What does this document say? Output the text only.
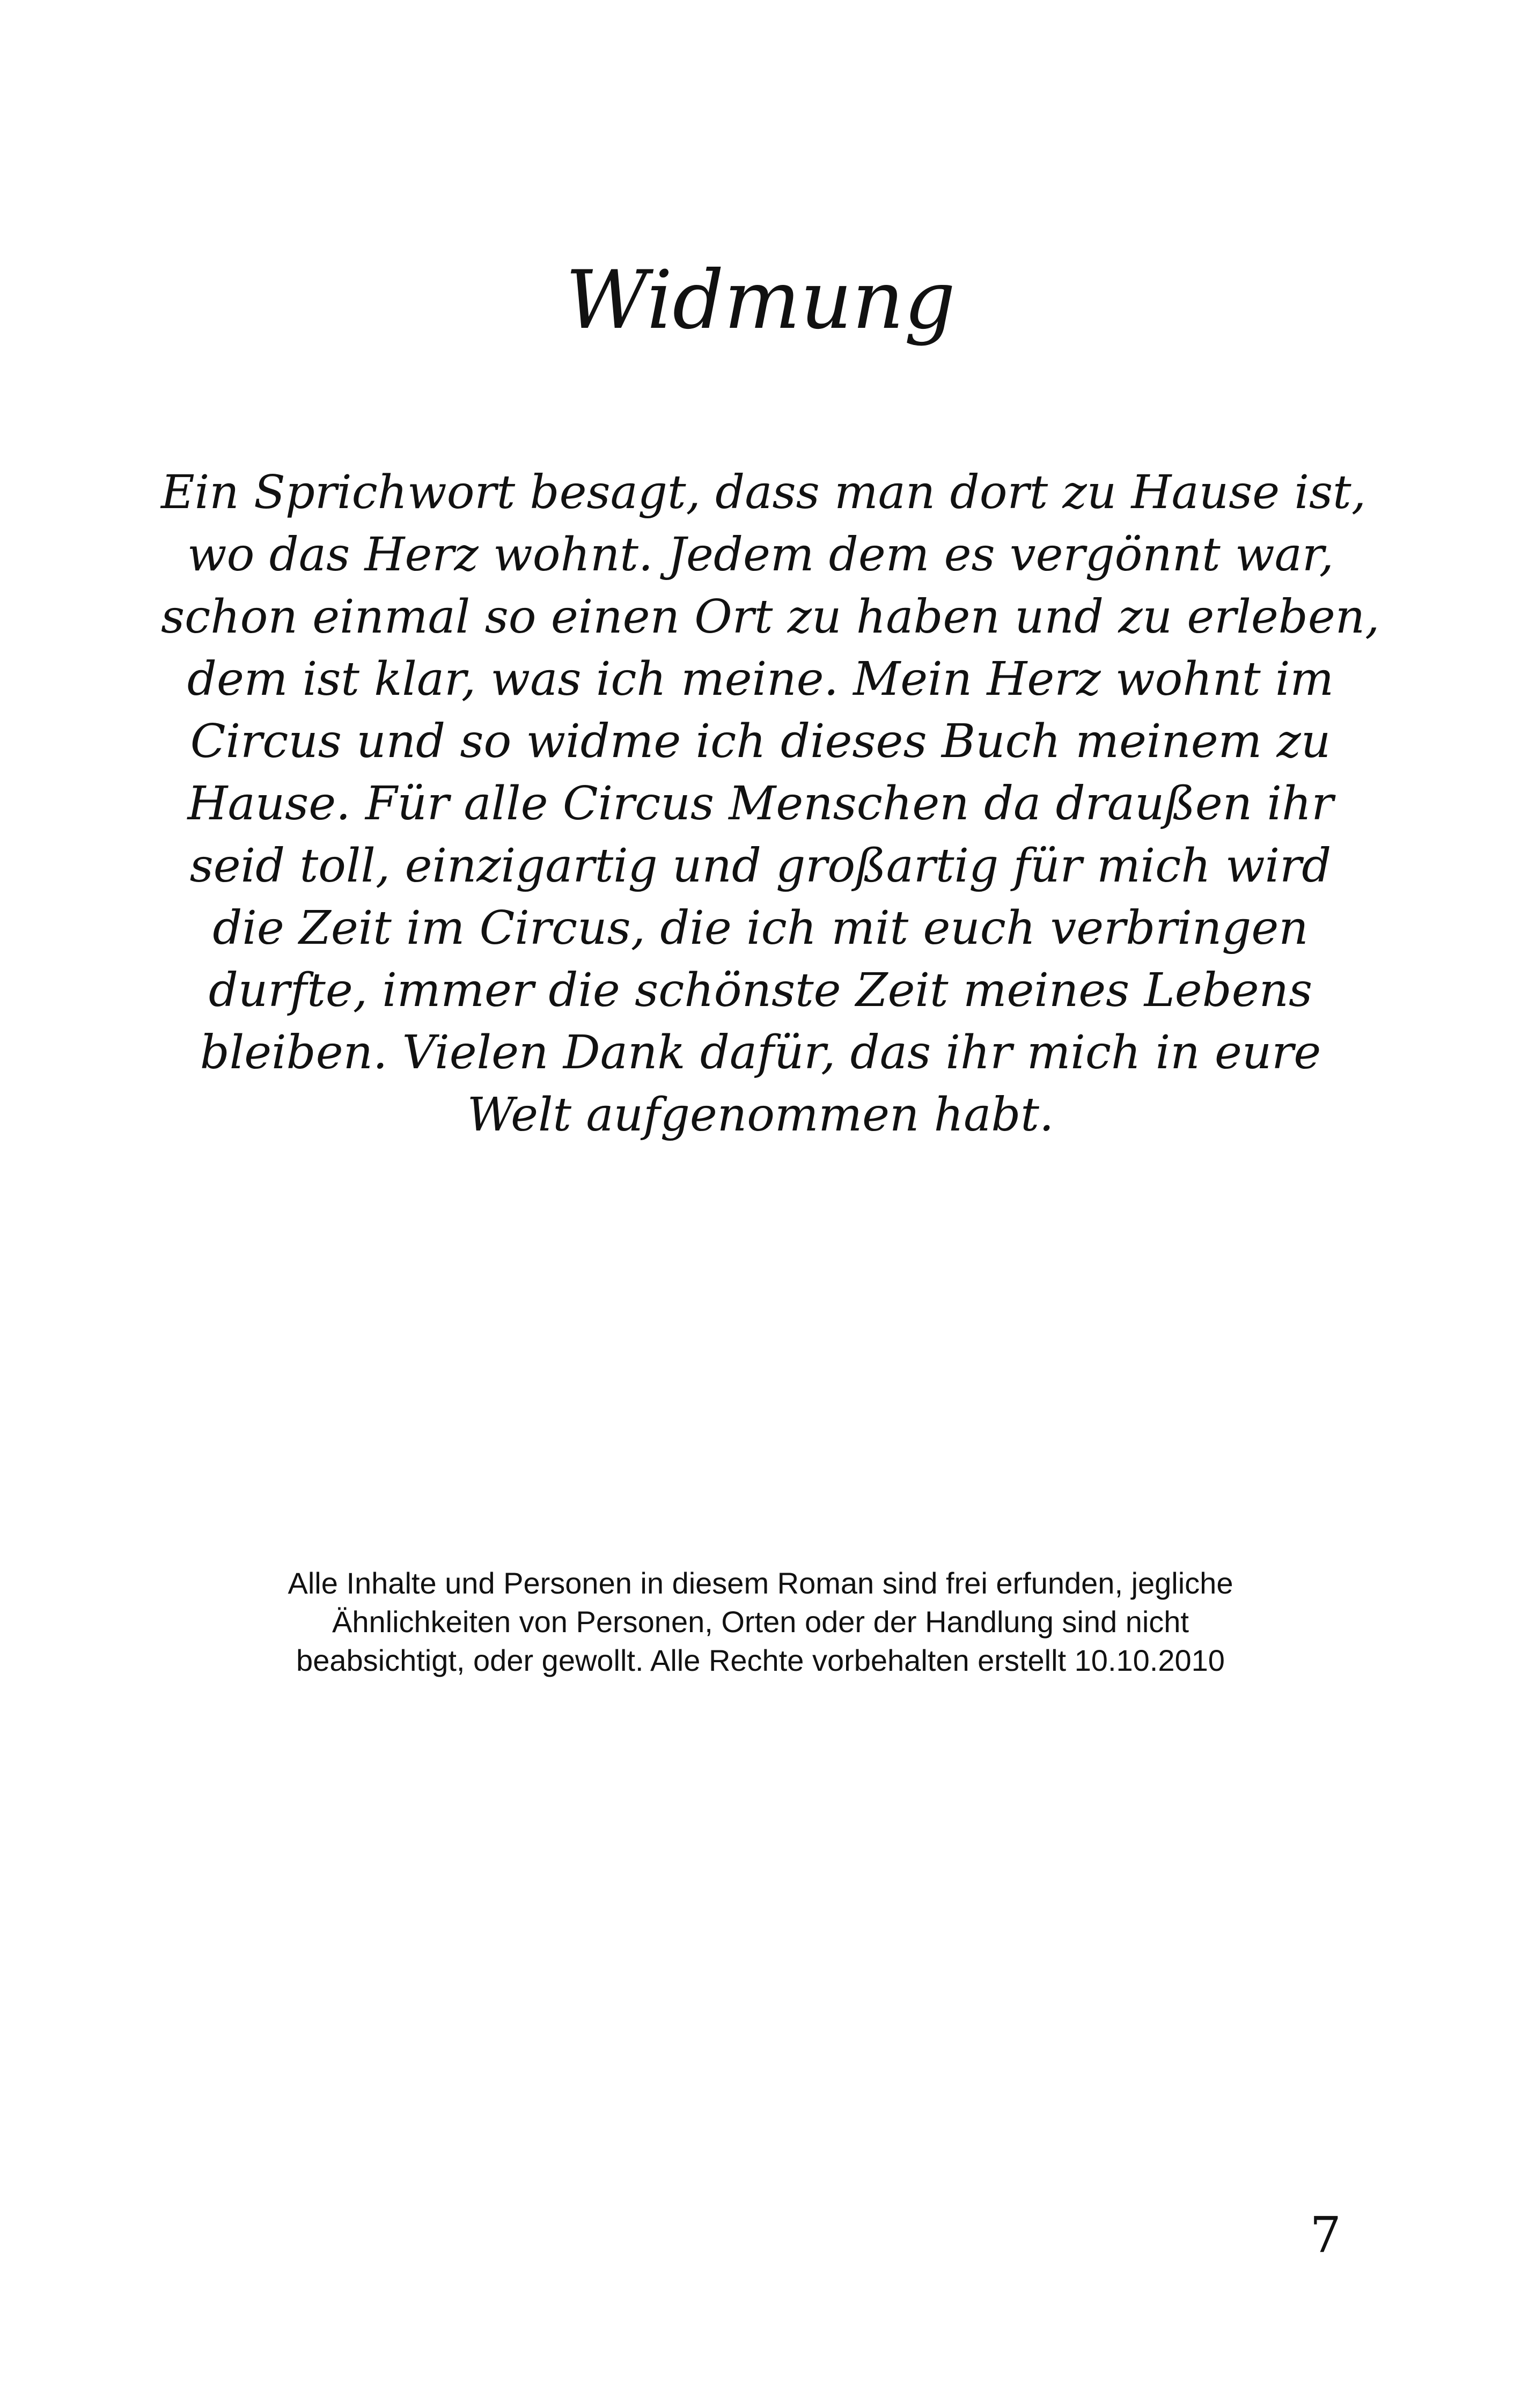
Widmung
Ein Sprichwort besagt, dass man dort zu Hause ist,
wo das Herz wohnt. Jedem dem es vergönnt war,
schon einmal so einen Ort zu haben und zu erleben,
dem ist klar, was ich meine. Mein Herz wohnt im
Circus und so widme ich dieses Buch meinem zu
Hause. Für alle Circus Menschen da draußen ihr
seid toll, einzigartig und großartig für mich wird
die Zeit im Circus, die ich mit euch verbringen
durfte, immer die schönste Zeit meines Lebens
bleiben. Vielen Dank dafür, das ihr mich in eure
Welt aufgenommen habt.
Alle Inhalte und Personen in diesem Roman sind frei erfunden, jegliche
Ähnlichkeiten von Personen, Orten oder der Handlung sind nicht
beabsichtigt, oder gewollt. Alle Rechte vorbehalten erstellt 10.10.2010
7
